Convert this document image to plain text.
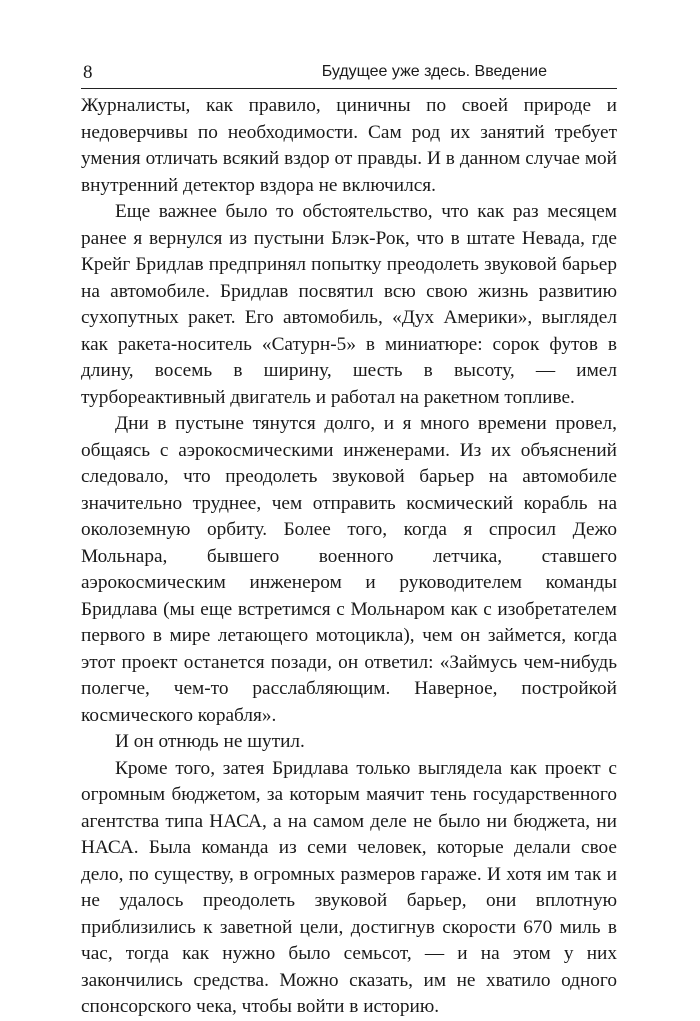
8	Будущее уже здесь. Введение

Журналисты, как правило, циничны по своей природе и недоверчивы по необходимости. Сам род их занятий требует умения отличать всякий вздор от правды. И в данном случае мой внутренний детектор вздора не включился.

Еще важнее было то обстоятельство, что как раз месяцем ранее я вернулся из пустыни Блэк-Рок, что в штате Невада, где Крейг Бридлав предпринял попытку преодолеть звуковой барьер на автомобиле. Бридлав посвятил всю свою жизнь развитию сухопутных ракет. Его автомобиль, «Дух Америки», выглядел как ракета-носитель «Сатурн-5» в миниатюре: сорок футов в длину, восемь в ширину, шесть в высоту, — имел турбореактивный двигатель и работал на ракетном топливе.

Дни в пустыне тянутся долго, и я много времени провел, общаясь с аэрокосмическими инженерами. Из их объяснений следовало, что преодолеть звуковой барьер на автомобиле значительно труднее, чем отправить космический корабль на околоземную орбиту. Более того, когда я спросил Дежо Мольнара, бывшего военного летчика, ставшего аэрокосмическим инженером и руководителем команды Бридлава (мы еще встретимся с Мольнаром как с изобретателем первого в мире летающего мотоцикла), чем он займется, когда этот проект останется позади, он ответил: «Займусь чем-нибудь полегче, чем-то расслабляющим. Наверное, постройкой космического корабля».

И он отнюдь не шутил.

Кроме того, затея Бридлава только выглядела как проект с огромным бюджетом, за которым маячит тень государственного агентства типа НАСА, а на самом деле не было ни бюджета, ни НАСА. Была команда из семи человек, которые делали свое дело, по существу, в огромных размеров гараже. И хотя им так и не удалось преодолеть звуковой барьер, они вплотную приблизились к заветной цели, достигнув скорости 670 миль в час, тогда как нужно было семьсот, — и на этом у них закончились средства. Можно сказать, им не хватило одного спонсорского чека, чтобы войти в историю.
